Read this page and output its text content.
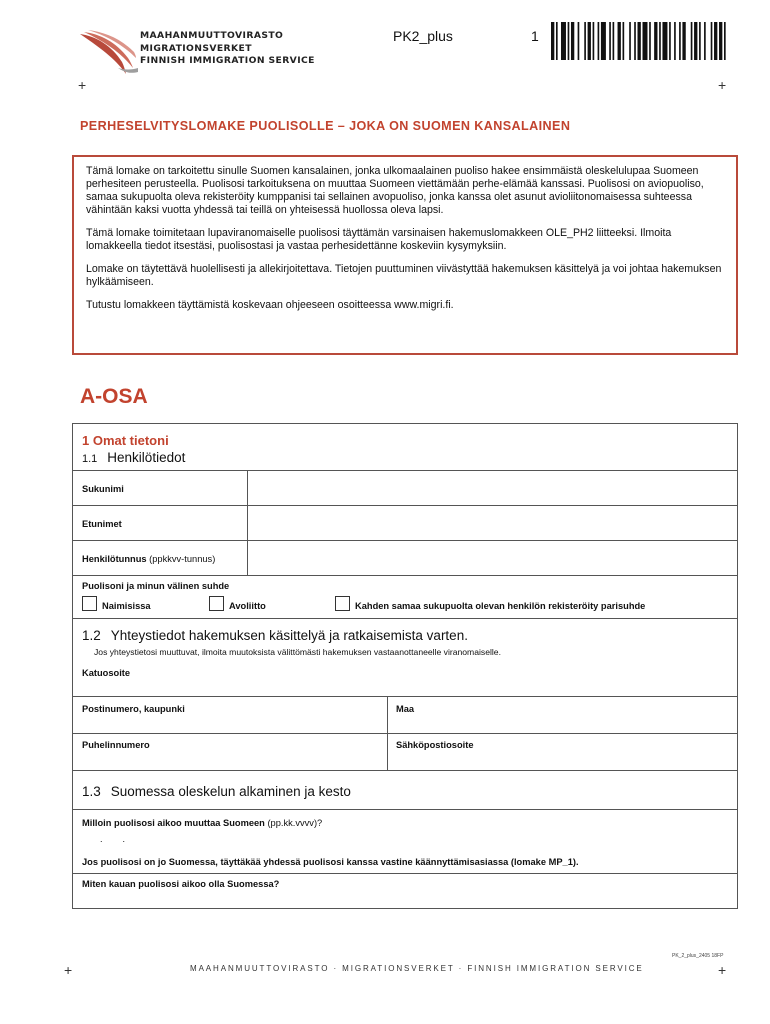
MAAHANMUUTTOVIRASTO
MIGRATIONSVERKET
FINNISH IMMIGRATION SERVICE
PK2_plus	1
+	+
PERHESELVITYSLOMAKE PUOLISOLLE – JOKA ON SUOMEN KANSALAINEN

Tämä lomake on tarkoitettu sinulle Suomen kansalainen, jonka ulkomaalainen puoliso hakee ensimmäistä oleskelulupaa Suomeen perhesiteen perusteella. Puolisosi tarkoituksena on muuttaa Suomeen viettämään perhe-elämää kanssasi. Puolisosi on aviopuoliso, samaa sukupuolta oleva rekisteröity kumppanisi tai sellainen avopuoliso, jonka kanssa olet asunut avioliitonomaisessa suhteessa vähintään kaksi vuotta yhdessä tai teillä on yhteisessä huollossa oleva lapsi.

Tämä lomake toimitetaan lupaviranomaiselle puolisosi täyttämän varsinaisen hakemuslomakkeen OLE_PH2 liitteeksi. Ilmoita lomakkeella tiedot itsestäsi, puolisostasi ja vastaa perhesidettänne koskeviin kysymyksiin.

Lomake on täytettävä huolellisesti ja allekirjoitettava. Tietojen puuttuminen viivästyttää hakemuksen käsittelyä ja voi johtaa hakemuksen hylkäämiseen.

Tutustu lomakkeen täyttämistä koskevaan ohjeeseen osoitteessa www.migri.fi.

A-OSA
1 Omat tietoni
1.1 Henkilötiedot
Sukunimi
Etunimet
Henkilötunnus (ppkkvv-tunnus)
Puolisoni ja minun välinen suhde
Naimisissa	Avoliitto	Kahden samaa sukupuolta olevan henkilön rekisteröity parisuhde
1.2 Yhteystiedot hakemuksen käsittelyä ja ratkaisemista varten.
Jos yhteystietosi muuttuvat, ilmoita muutoksista välittömästi hakemuksen vastaanottaneelle viranomaiselle.
Katuosoite
Postinumero, kaupunki	Maa
Puhelinnumero	Sähköpostiosoite
1.3 Suomessa oleskelun alkaminen ja kesto
Milloin puolisosi aikoo muuttaa Suomeen (pp.kk.vvvv)?
..
Jos puolisosi on jo Suomessa, täyttäkää yhdessä puolisosi kanssa vastine käännyttämisasiassa (lomake MP_1).
Miten kauan puolisosi aikoo olla Suomessa?
PK_2_plus_2405 18FP
+	MAAHANMUUTTOVIRASTO · MIGRATIONSVERKET · FINNISH IMMIGRATION SERVICE	+
